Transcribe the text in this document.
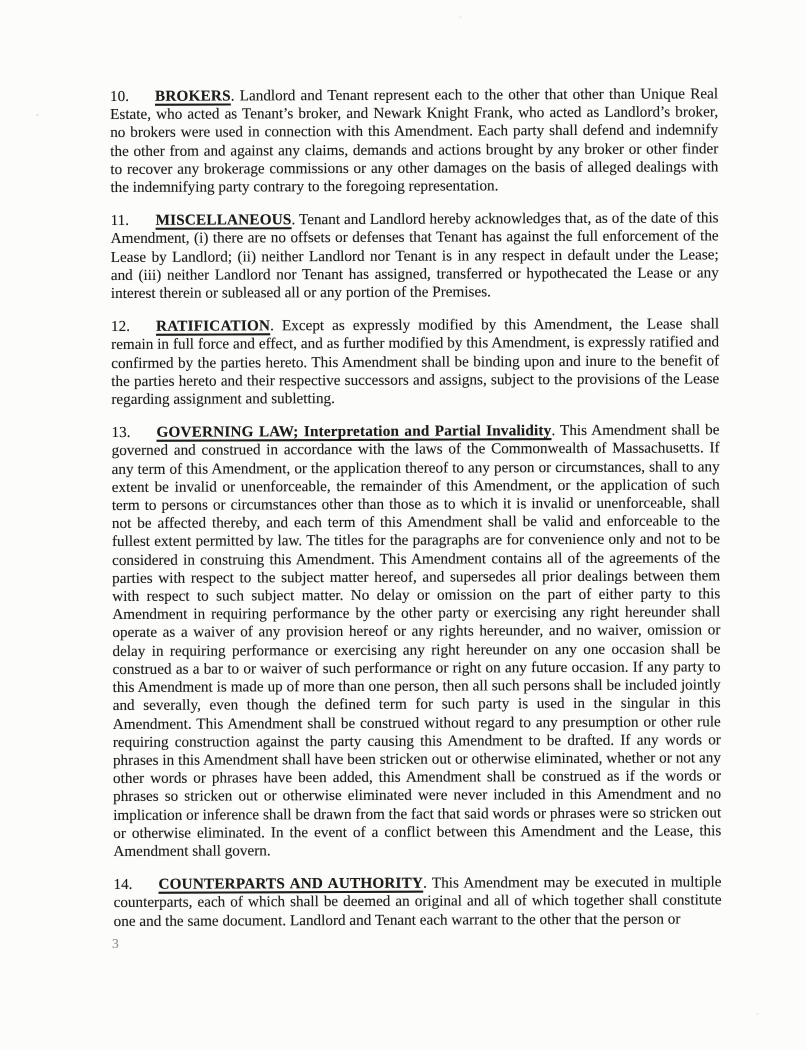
10. BROKERS. Landlord and Tenant represent each to the other that other than Unique Real Estate, who acted as Tenant’s broker, and Newark Knight Frank, who acted as Landlord’s broker, no brokers were used in connection with this Amendment. Each party shall defend and indemnify the other from and against any claims, demands and actions brought by any broker or other finder to recover any brokerage commissions or any other damages on the basis of alleged dealings with the indemnifying party contrary to the foregoing representation.

11. MISCELLANEOUS. Tenant and Landlord hereby acknowledges that, as of the date of this Amendment, (i) there are no offsets or defenses that Tenant has against the full enforcement of the Lease by Landlord; (ii) neither Landlord nor Tenant is in any respect in default under the Lease; and (iii) neither Landlord nor Tenant has assigned, transferred or hypothecated the Lease or any interest therein or subleased all or any portion of the Premises.

12. RATIFICATION. Except as expressly modified by this Amendment, the Lease shall remain in full force and effect, and as further modified by this Amendment, is expressly ratified and confirmed by the parties hereto. This Amendment shall be binding upon and inure to the benefit of the parties hereto and their respective successors and assigns, subject to the provisions of the Lease regarding assignment and subletting.

13. GOVERNING LAW; Interpretation and Partial Invalidity. This Amendment shall be governed and construed in accordance with the laws of the Commonwealth of Massachusetts. If any term of this Amendment, or the application thereof to any person or circumstances, shall to any extent be invalid or unenforceable, the remainder of this Amendment, or the application of such term to persons or circumstances other than those as to which it is invalid or unenforceable, shall not be affected thereby, and each term of this Amendment shall be valid and enforceable to the fullest extent permitted by law. The titles for the paragraphs are for convenience only and not to be considered in construing this Amendment. This Amendment contains all of the agreements of the parties with respect to the subject matter hereof, and supersedes all prior dealings between them with respect to such subject matter. No delay or omission on the part of either party to this Amendment in requiring performance by the other party or exercising any right hereunder shall operate as a waiver of any provision hereof or any rights hereunder, and no waiver, omission or delay in requiring performance or exercising any right hereunder on any one occasion shall be construed as a bar to or waiver of such performance or right on any future occasion. If any party to this Amendment is made up of more than one person, then all such persons shall be included jointly and severally, even though the defined term for such party is used in the singular in this Amendment. This Amendment shall be construed without regard to any presumption or other rule requiring construction against the party causing this Amendment to be drafted. If any words or phrases in this Amendment shall have been stricken out or otherwise eliminated, whether or not any other words or phrases have been added, this Amendment shall be construed as if the words or phrases so stricken out or otherwise eliminated were never included in this Amendment and no implication or inference shall be drawn from the fact that said words or phrases were so stricken out or otherwise eliminated. In the event of a conflict between this Amendment and the Lease, this Amendment shall govern.

14. COUNTERPARTS AND AUTHORITY. This Amendment may be executed in multiple counterparts, each of which shall be deemed an original and all of which together shall constitute one and the same document. Landlord and Tenant each warrant to the other that the person or

3
